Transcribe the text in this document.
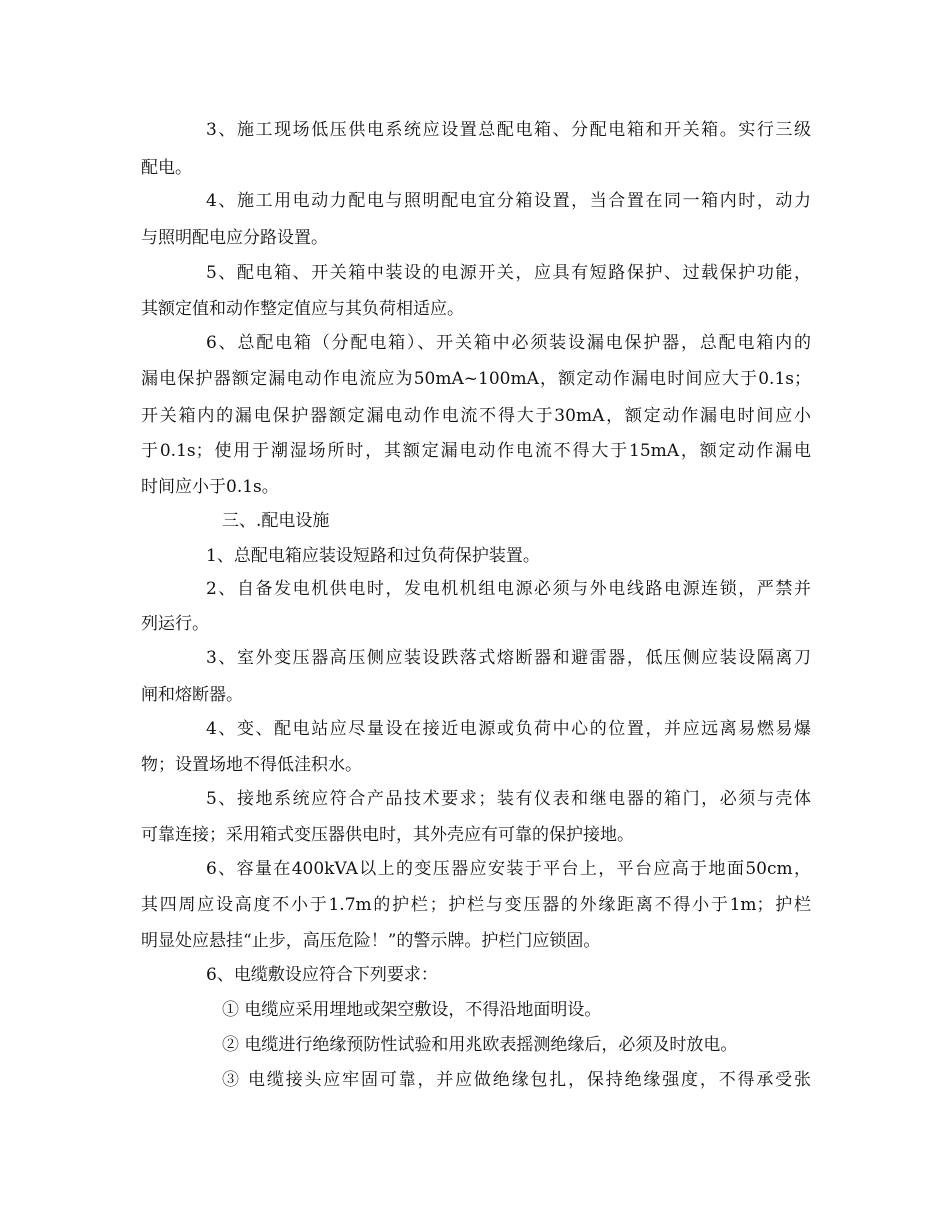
3、施工现场低压供电系统应设置总配电箱、分配电箱和开关箱。实行三级
配电。
4、施工用电动力配电与照明配电宜分箱设置，当合置在同一箱内时，动力
与照明配电应分路设置。
5、配电箱、开关箱中装设的电源开关，应具有短路保护、过载保护功能，
其额定值和动作整定值应与其负荷相适应。
6、总配电箱（分配电箱）、开关箱中必须装设漏电保护器，总配电箱内的
漏电保护器额定漏电动作电流应为50mA~100mA，额定动作漏电时间应大于0.1s；
开关箱内的漏电保护器额定漏电动作电流不得大于30mA，额定动作漏电时间应小
于0.1s；使用于潮湿场所时，其额定漏电动作电流不得大于15mA，额定动作漏电
时间应小于0.1s。
三、.配电设施
1、总配电箱应装设短路和过负荷保护装置。
2、自备发电机供电时，发电机机组电源必须与外电线路电源连锁，严禁并
列运行。
3、室外变压器高压侧应装设跌落式熔断器和避雷器，低压侧应装设隔离刀
闸和熔断器。
4、变、配电站应尽量设在接近电源或负荷中心的位置，并应远离易燃易爆
物；设置场地不得低洼积水。
5、接地系统应符合产品技术要求；装有仪表和继电器的箱门，必须与壳体
可靠连接；采用箱式变压器供电时，其外壳应有可靠的保护接地。
6、容量在400kVA以上的变压器应安装于平台上，平台应高于地面50cm，
其四周应设高度不小于1.7m的护栏；护栏与变压器的外缘距离不得小于1m；护栏
明显处应悬挂“止步，高压危险！”的警示牌。护栏门应锁固。
6、电缆敷设应符合下列要求：
① 电缆应采用埋地或架空敷设，不得沿地面明设。
② 电缆进行绝缘预防性试验和用兆欧表摇测绝缘后，必须及时放电。
③ 电缆接头应牢固可靠，并应做绝缘包扎，保持绝缘强度，不得承受张
